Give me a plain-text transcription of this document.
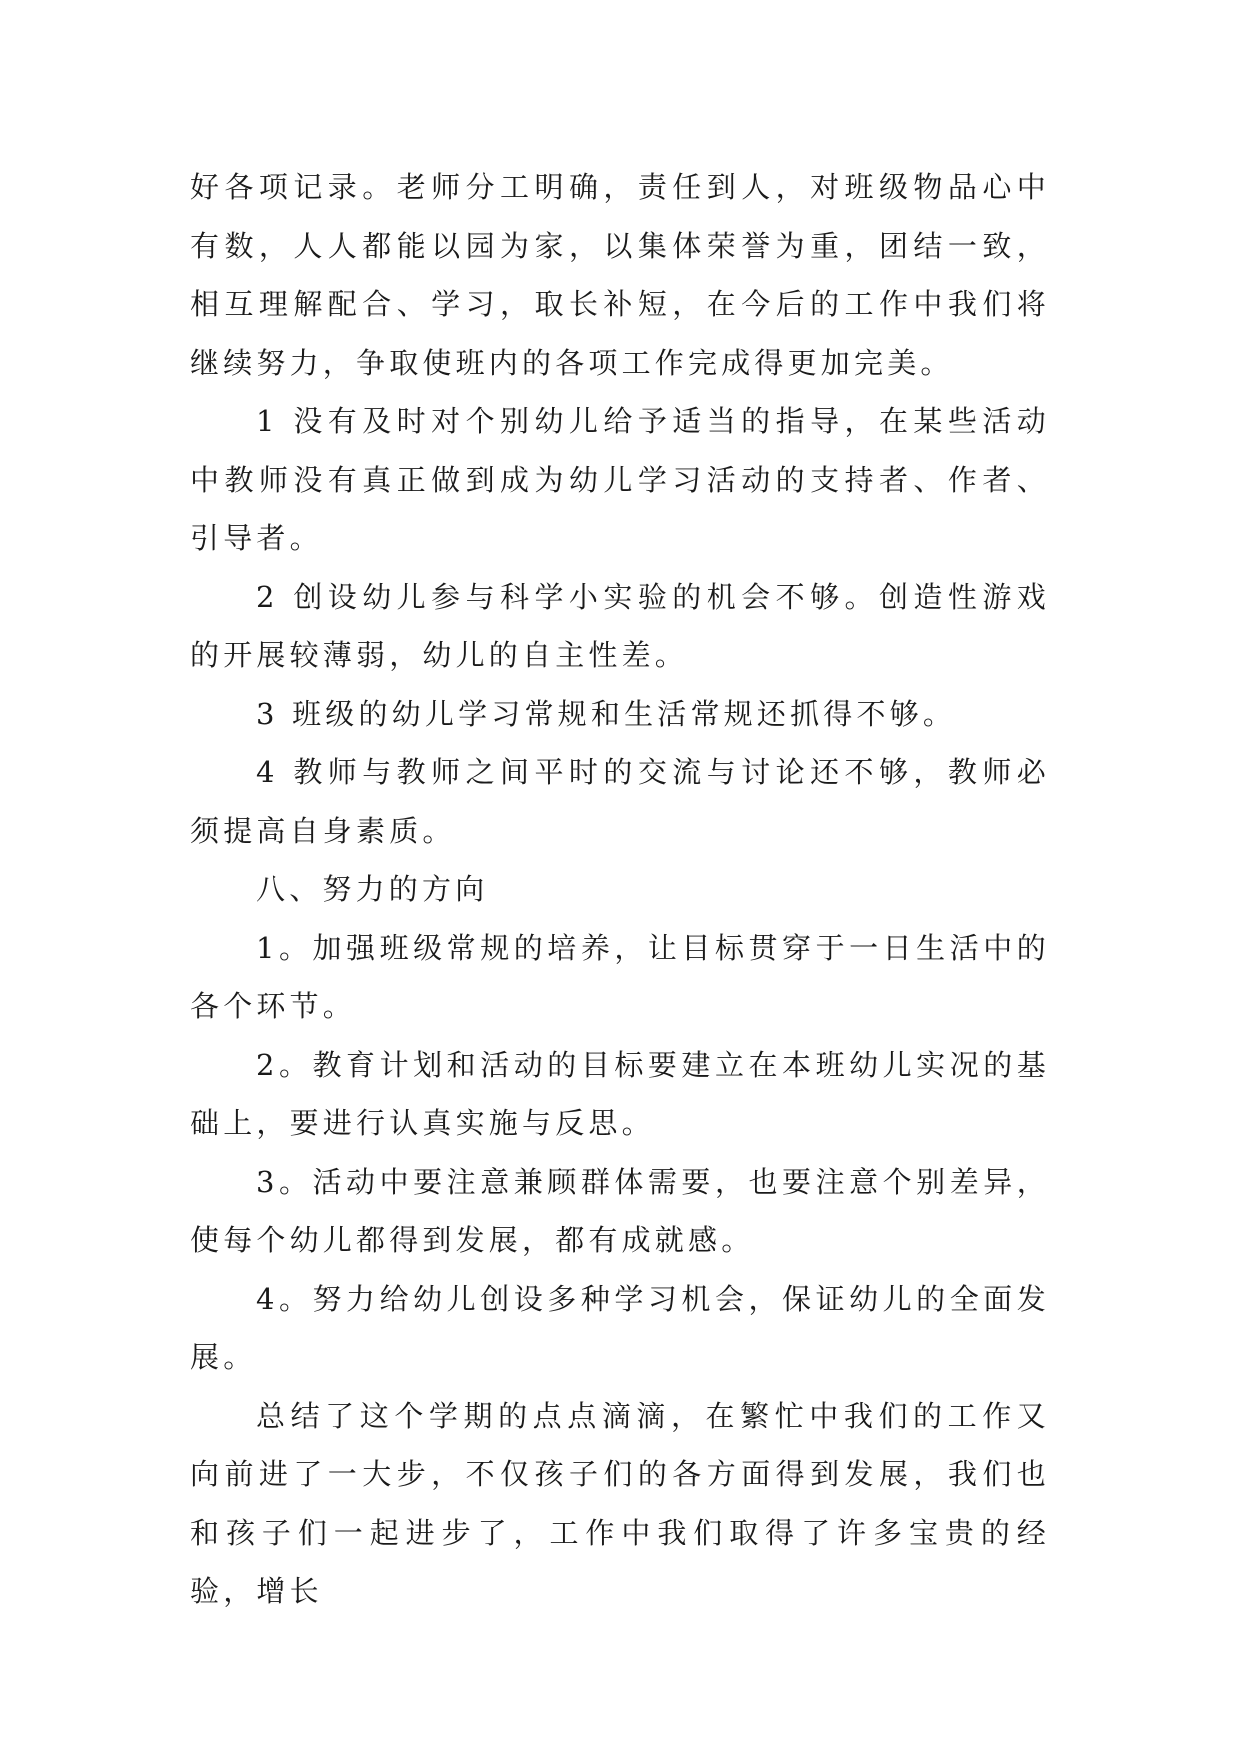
好各项记录。老师分工明确，责任到人，对班级物品心中有数，人人都能以园为家，以集体荣誉为重，团结一致，相互理解配合、学习，取长补短，在今后的工作中我们将继续努力，争取使班内的各项工作完成得更加完美。

1 没有及时对个别幼儿给予适当的指导，在某些活动中教师没有真正做到成为幼儿学习活动的支持者、作者、引导者。

2 创设幼儿参与科学小实验的机会不够。创造性游戏的开展较薄弱，幼儿的自主性差。

3 班级的幼儿学习常规和生活常规还抓得不够。

4 教师与教师之间平时的交流与讨论还不够，教师必须提高自身素质。

八、努力的方向

1。加强班级常规的培养，让目标贯穿于一日生活中的各个环节。

2。教育计划和活动的目标要建立在本班幼儿实况的基础上，要进行认真实施与反思。

3。活动中要注意兼顾群体需要，也要注意个别差异，使每个幼儿都得到发展，都有成就感。

4。努力给幼儿创设多种学习机会，保证幼儿的全面发展。

总结了这个学期的点点滴滴，在繁忙中我们的工作又向前进了一大步，不仅孩子们的各方面得到发展，我们也和孩子们一起进步了，工作中我们取得了许多宝贵的经验，增长
